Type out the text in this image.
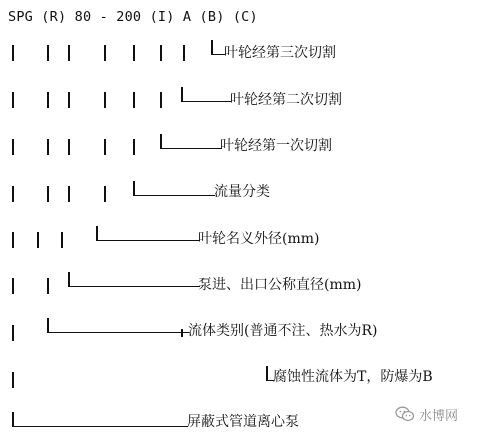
SPG (R) 80 - 200 (I) A (B) (C)
叶轮经第三次切割
叶轮经第二次切割
叶轮经第一次切割
流量分类
叶轮名义外径(mm)
泵进、出口公称直径(mm)
流体类别(普通不注、热水为R)
腐蚀性流体为T，防爆为B
屏蔽式管道离心泵	水博网
